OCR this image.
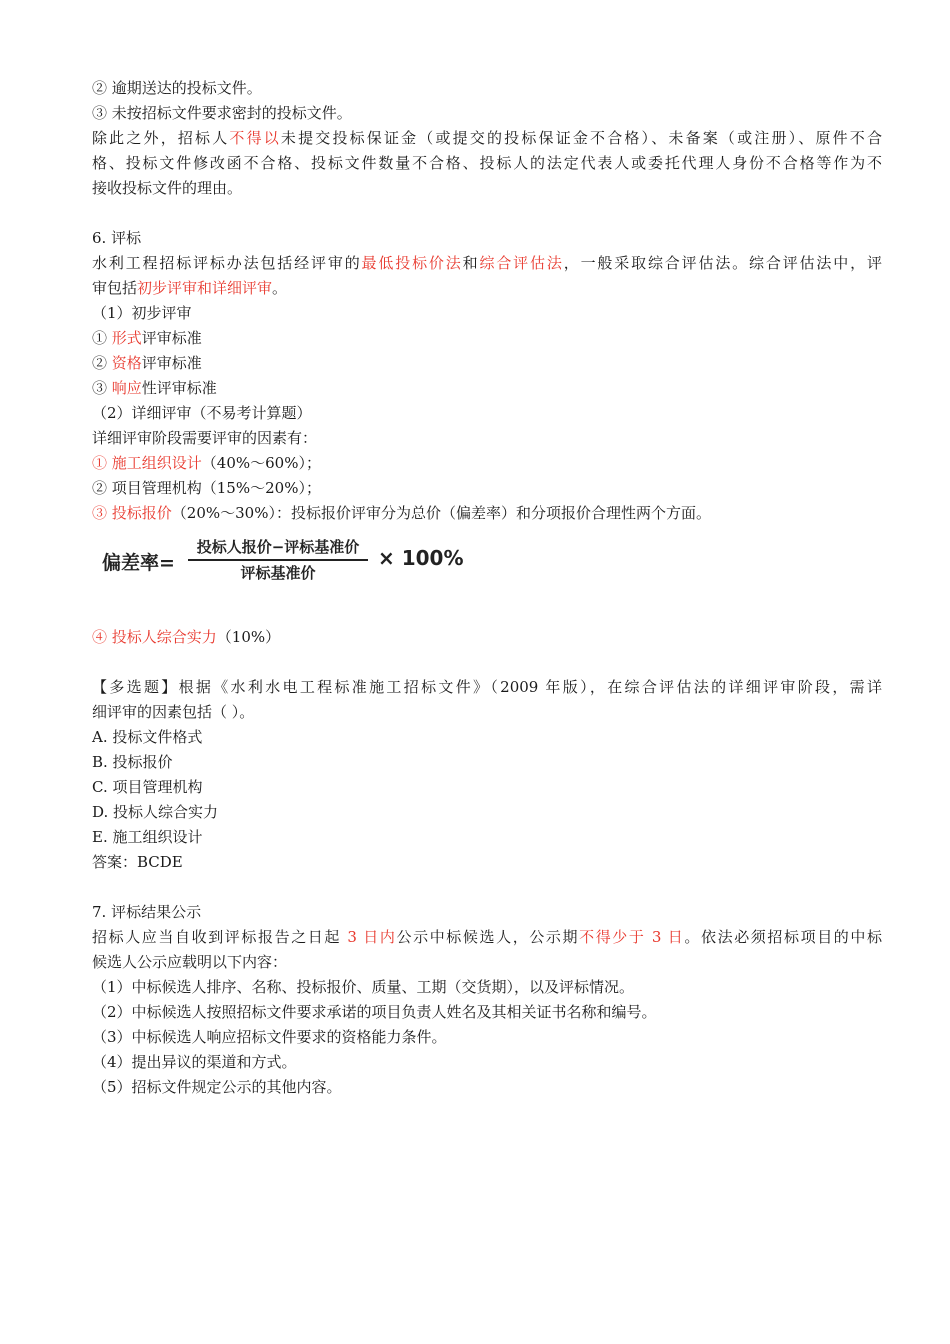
② 逾期送达的投标文件。
③ 未按招标文件要求密封的投标文件。
除此之外，招标人不得以未提交投标保证金（或提交的投标保证金不合格）、未备案（或注册）、原件不合
格、投标文件修改函不合格、投标文件数量不合格、投标人的法定代表人或委托代理人身份不合格等作为不
接收投标文件的理由。
6. 评标
水利工程招标评标办法包括经评审的最低投标价法和综合评估法，一般采取综合评估法。综合评估法中，评
审包括初步评审和详细评审。
（1）初步评审
① 形式评审标准
② 资格评审标准
③ 响应性评审标准
（2）详细评审（不易考计算题）
详细评审阶段需要评审的因素有：
① 施工组织设计（40%～60%）；
② 项目管理机构（15%～20%）；
③ 投标报价（20%～30%）：投标报价评审分为总价（偏差率）和分项报价合理性两个方面。
偏差率=
投标人报价−评标基准价
评标基准价
× 100%
④ 投标人综合实力（10%）
【多选题】根据《水利水电工程标准施工招标文件》（2009 年版），在综合评估法的详细评审阶段，需详
细评审的因素包括（ ）。
A. 投标文件格式
B. 投标报价
C. 项目管理机构
D. 投标人综合实力
E. 施工组织设计
答案：BCDE
7. 评标结果公示
招标人应当自收到评标报告之日起 3 日内公示中标候选人，公示期不得少于 3 日。依法必须招标项目的中标
候选人公示应载明以下内容：
（1）中标候选人排序、名称、投标报价、质量、工期（交货期），以及评标情况。
（2）中标候选人按照招标文件要求承诺的项目负责人姓名及其相关证书名称和编号。
（3）中标候选人响应招标文件要求的资格能力条件。
（4）提出异议的渠道和方式。
（5）招标文件规定公示的其他内容。
